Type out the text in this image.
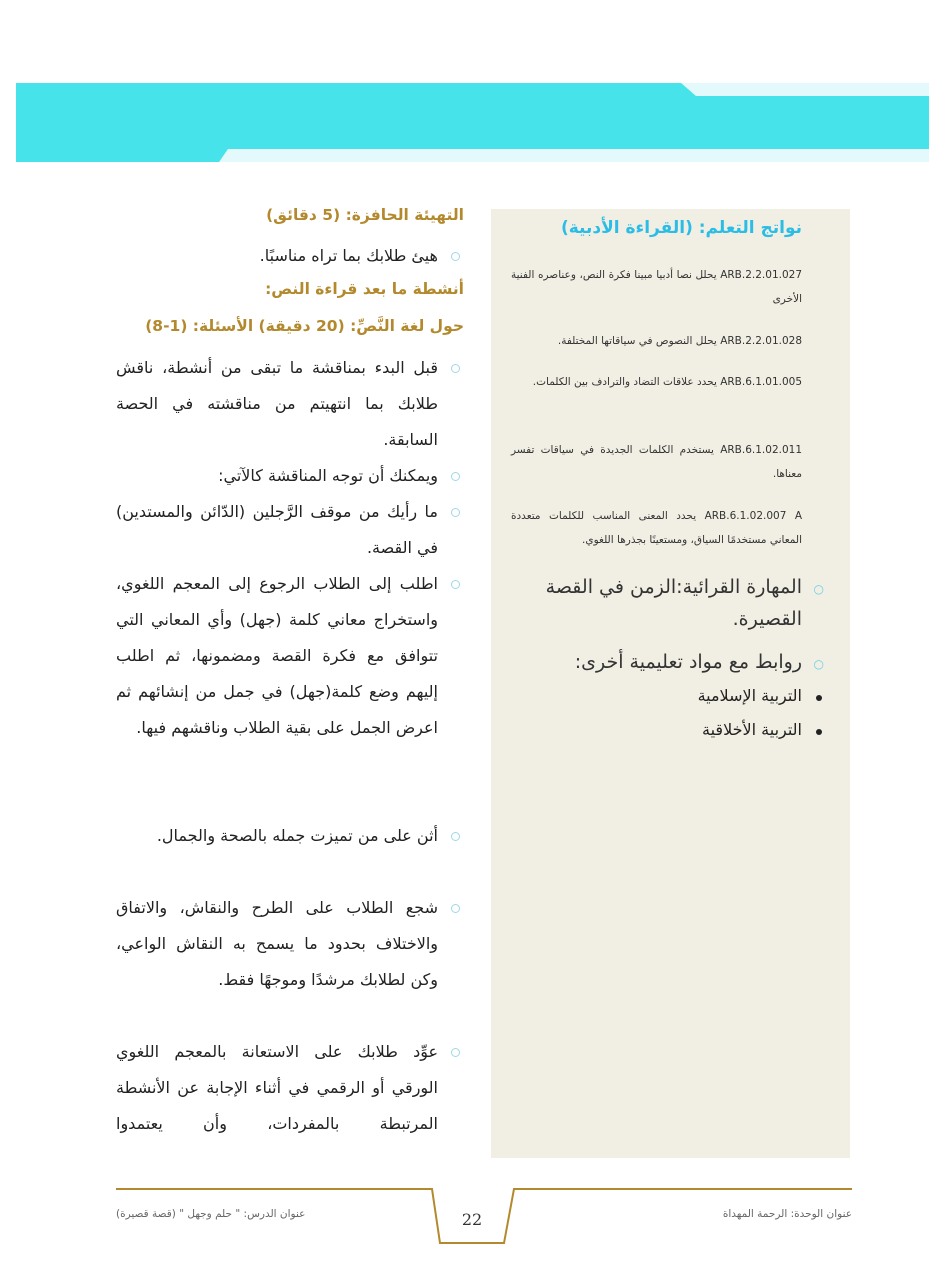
نواتج التعلم: (القراءة الأدبية)
ARB.2.2.01.027 يحلل نصا أدبيا مبينا فكرة النص، وعناصره الفنية الأخرى
ARB.2.2.01.028 يحلل النصوص في سياقاتها المختلفة.
ARB.6.1.01.005 يحدد علاقات التضاد والترادف بين الكلمات.
ARB.6.1.02.011 يستخدم الكلمات الجديدة في سياقات تفسر معناها.
ARB.6.1.02.007 A يحدد المعنى المناسب للكلمات متعددة المعاني مستخدمًا السياق، ومستعينًا بجذرها اللغوي.
○
المهارة القرائية:الزمن في القصة القصيرة.
○
روابط مع مواد تعليمية أخرى:
التربية الإسلامية
التربية الأخلاقية
التهيئة الحافزة: (5 دقائق)
هيئ طلابك بما تراه مناسبًا.
أنشطة ما بعد قراءة النص:
حول لغة النَّصِّ: (20 دقيقة) الأسئلة: (1-8)
قبل البدء بمناقشة ما تبقى من أنشطة، ناقش طلابك بما انتهيتم من مناقشته في الحصة السابقة.
ويمكنك أن توجه المناقشة كالآتي:
ما رأيك من موقف الرَّجلين (الدّائن والمستدين) في القصة.
اطلب إلى الطلاب الرجوع إلى المعجم اللغوي، واستخراج معاني كلمة (جهل) وأي المعاني التي تتوافق مع فكرة القصة ومضمونها، ثم اطلب إليهم وضع كلمة(جهل) في جمل من إنشائهم ثم اعرض الجمل على بقية الطلاب وناقشهم فيها.
أثن على من تميزت جمله بالصحة والجمال.
شجع الطلاب على الطرح والنقاش، والاتفاق والاختلاف بحدود ما يسمح به النقاش الواعي، وكن لطلابك مرشدًا وموجهًا فقط.
عوِّد طلابك على الاستعانة بالمعجم اللغوي الورقي أو الرقمي في أثناء الإجابة عن الأنشطة المرتبطة بالمفردات، وأن يعتمدوا
عنوان الوحدة: الرحمة المهداة
عنوان الدرس: " حلم وجهل " (قصة قصيرة)	22
